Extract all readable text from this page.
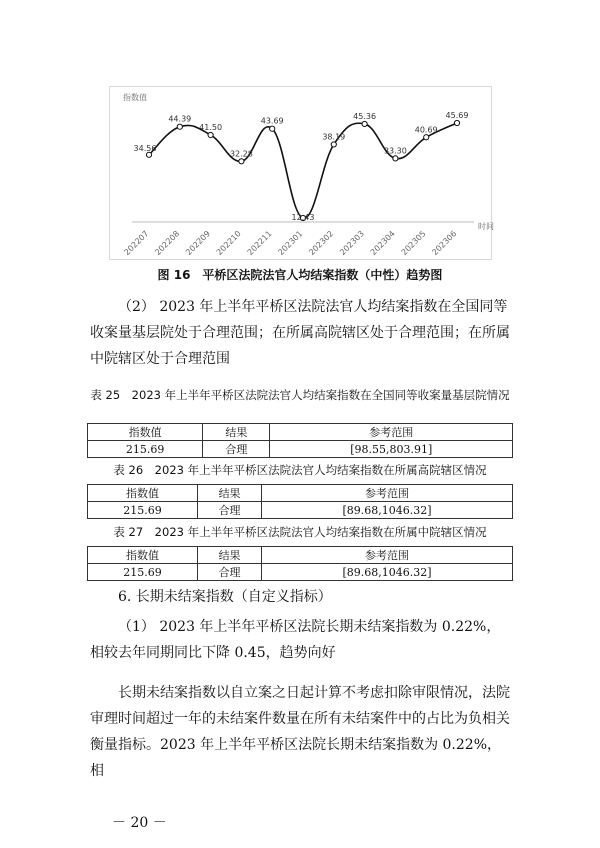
指数值
时间
34.56
202207
44.39
202208
41.50
202209
32.28
202210
43.69
202211
12.43
202301
38.19
202302
45.36
202303
33.30
202304
40.69
202305
45.69
202306
图 16　平桥区法院法官人均结案指数（中性）趋势图
（2） 2023 年上半年平桥区法院法官人均结案指数在全国同等收案量基层院处于合理范围；在所属高院辖区处于合理范围；在所属中院辖区处于合理范围
表 25　2023 年上半年平桥区法院法官人均结案指数在全国同等收案量基层院情况
指数值	结果	参考范围
215.69	合理	[98.55,803.91]
表 26　2023 年上半年平桥区法院法官人均结案指数在所属高院辖区情况
指数值	结果	参考范围
215.69	合理	[89.68,1046.32]
表 27　2023 年上半年平桥区法院法官人均结案指数在所属中院辖区情况
指数值	结果	参考范围
215.69	合理	[89.68,1046.32]
6. 长期未结案指数（自定义指标）
（1） 2023 年上半年平桥区法院长期未结案指数为 0.22%，相较去年同期同比下降 0.45，趋势向好
长期未结案指数以自立案之日起计算不考虑扣除审限情况，法院审理时间超过一年的未结案件数量在所有未结案件中的占比为负相关衡量指标。2023 年上半年平桥区法院长期未结案指数为 0.22%，相
－ 20 －
